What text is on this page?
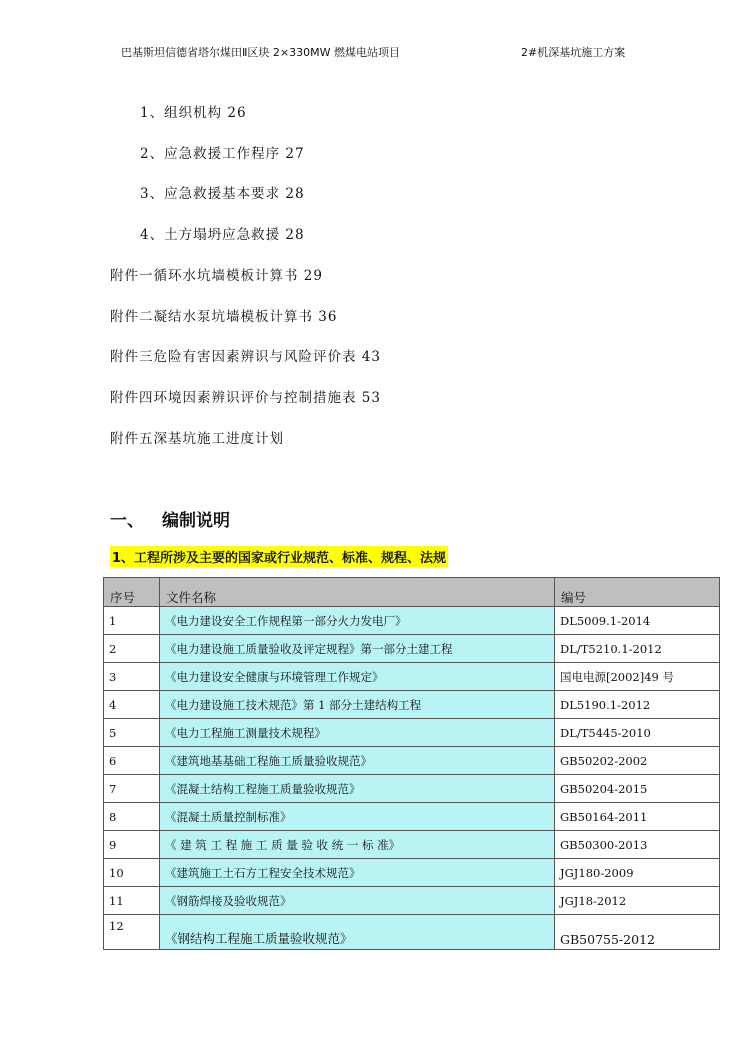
巴基斯坦信德省塔尔煤田Ⅱ区块 2×330MW 燃煤电站项目	2#机深基坑施工方案
1、组织机构 26
2、应急救援工作程序 27
3、应急救援基本要求 28
4、土方塌坍应急救援 28
附件一循环水坑墙模板计算书 29
附件二凝结水泵坑墙模板计算书 36
附件三危险有害因素辨识与风险评价表 43
附件四环境因素辨识评价与控制措施表 53
附件五深基坑施工进度计划
一、 编制说明
1、工程所涉及主要的国家或行业规范、标准、规程、法规
序号	文件名称	编号
1	《电力建设安全工作规程第一部分火力发电厂》	DL5009.1-2014
2	《电力建设施工质量验收及评定规程》第一部分土建工程	DL/T5210.1-2012
3	《电力建设安全健康与环境管理工作规定》	国电电源[2002]49 号
4	《电力建设施工技术规范》第 1 部分土建结构工程	DL5190.1-2012
5	《电力工程施工测量技术规程》	DL/T5445-2010
6	《建筑地基基础工程施工质量验收规范》	GB50202-2002
7	《混凝土结构工程施工质量验收规范》	GB50204-2015
8	《混凝土质量控制标准》	GB50164-2011
9	《 建 筑 工 程 施 工 质 量 验 收 统 一 标 准》	GB50300-2013
10	《建筑施工土石方工程安全技术规范》	JGJ180-2009
11	《钢筋焊接及验收规范》	JGJ18-2012
12	《钢结构工程施工质量验收规范》	GB50755-2012
